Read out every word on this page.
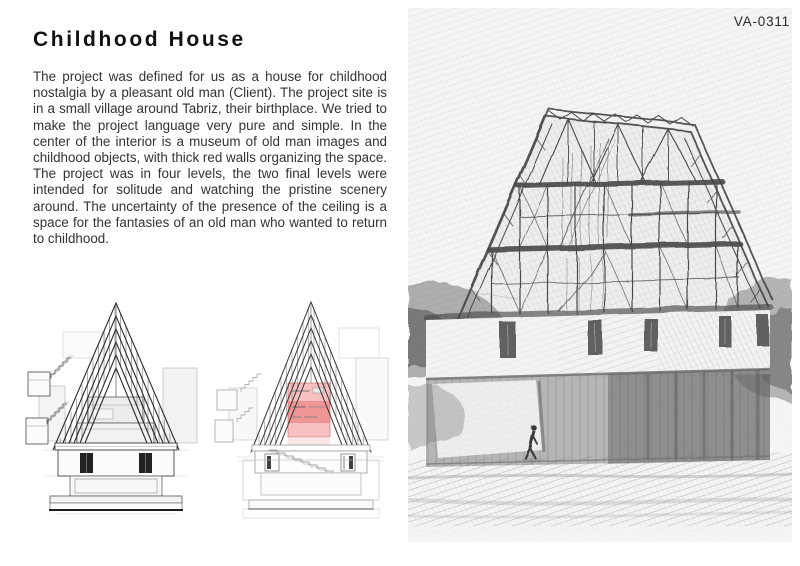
VA-0311
Childhood House

The project was defined for us as a house for childhood nostalgia by a pleasant old man (Client). The project site is in a small village around Tabriz, their birthplace. We tried to make the project language very pure and simple. In the center of the interior is a museum of old man images and childhood objects, with thick red walls organizing the space. The project was in four levels, the two final levels were intended for solitude and watching the pristine scenery around. The uncertainty of the presence of the ceiling is a space for the fantasies of an old man who wanted to return to childhood.
